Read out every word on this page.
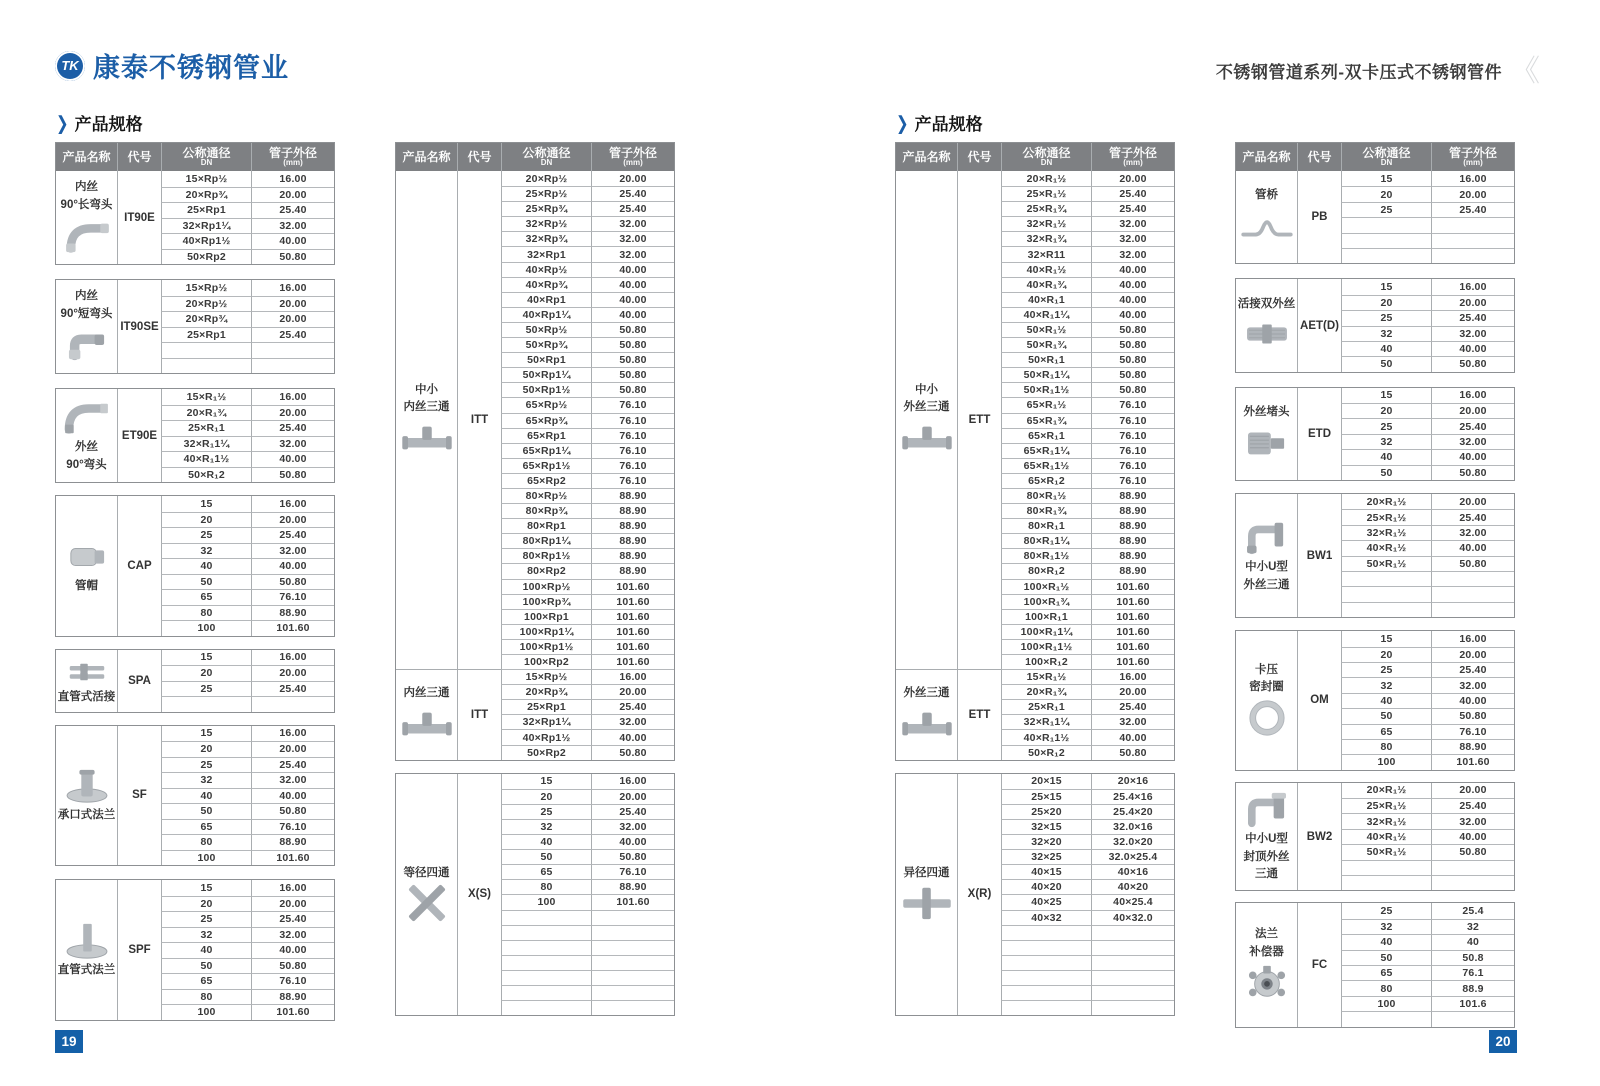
TK 康泰不锈钢管业	不锈钢管道系列-双卡压式不锈钢管件 《
❯ 产品规格	❯ 产品规格
产品名称 代号	公称通径
DN
管子外径
(mm)
内丝
90°长弯头
IT90E
15×Rp½	16.00
20×Rp¾	20.00
25×Rp1	25.40
32×Rp1¼	32.00
40×Rp1½	40.00
50×Rp2	50.80
内丝
90°短弯头
IT90SE
15×Rp½	16.00
20×Rp½	20.00
20×Rp¾	20.00
25×Rp1	25.40
外丝
90°弯头
ET90E
15×R₁½	16.00
20×R₁¾	20.00
25×R₁1	25.40
32×R₁1¼	32.00
40×R₁1½	40.00
50×R₁2	50.80
管帽
CAP
15	16.00
20	20.00
25	25.40
32	32.00
40	40.00
50	50.80
65	76.10
80	88.90
100	101.60
直管式活接
SPA
15	16.00
20	20.00
25	25.40
承口式法兰
SF
15	16.00
20	20.00
25	25.40
32	32.00
40	40.00
50	50.80
65	76.10
80	88.90
100	101.60
直管式法兰
SPF
15	16.00
20	20.00
25	25.40
32	32.00
40	40.00
50	50.80
65	76.10
80	88.90
100	101.60
产品名称 代号	公称通径
DN
管子外径
(mm)
中小
内丝三通
ITT
20×Rp½	20.00
25×Rp½	25.40
25×Rp¾	25.40
32×Rp½	32.00
32×Rp¾	32.00
32×Rp1	32.00
40×Rp½	40.00
40×Rp¾	40.00
40×Rp1	40.00
40×Rp1¼	40.00
50×Rp½	50.80
50×Rp¾	50.80
50×Rp1	50.80
50×Rp1¼	50.80
50×Rp1½	50.80
65×Rp½	76.10
65×Rp¾	76.10
65×Rp1	76.10
65×Rp1¼	76.10
65×Rp1½	76.10
65×Rp2	76.10
80×Rp½	88.90
80×Rp¾	88.90
80×Rp1	88.90
80×Rp1¼	88.90
80×Rp1½	88.90
80×Rp2	88.90
100×Rp½	101.60
100×Rp¾	101.60
100×Rp1	101.60
100×Rp1¼	101.60
100×Rp1½	101.60
100×Rp2	101.60
内丝三通
ITT
15×Rp½	16.00
20×Rp¾	20.00
25×Rp1	25.40
32×Rp1¼	32.00
40×Rp1½	40.00
50×Rp2	50.80
等径四通
X(S)
15	16.00
20	20.00
25	25.40
32	32.00
40	40.00
50	50.80
65	76.10
80	88.90
100	101.60
产品名称 代号	公称通径
DN
管子外径
(mm)
中小
外丝三通
ETT
20×R₁½	20.00
25×R₁½	25.40
25×R₁¾	25.40
32×R₁½	32.00
32×R₁¾	32.00
32×R11	32.00
40×R₁½	40.00
40×R₁¾	40.00
40×R₁1	40.00
40×R₁1¼	40.00
50×R₁½	50.80
50×R₁¾	50.80
50×R₁1	50.80
50×R₁1¼	50.80
50×R₁1½	50.80
65×R₁½	76.10
65×R₁¾	76.10
65×R₁1	76.10
65×R₁1¼	76.10
65×R₁1½	76.10
65×R₁2	76.10
80×R₁½	88.90
80×R₁¾	88.90
80×R₁1	88.90
80×R₁1¼	88.90
80×R₁1½	88.90
80×R₁2	88.90
100×R₁½	101.60
100×R₁¾	101.60
100×R₁1	101.60
100×R₁1¼	101.60
100×R₁1½	101.60
100×R₁2	101.60
外丝三通
ETT
15×R₁½	16.00
20×R₁¾	20.00
25×R₁1	25.40
32×R₁1¼	32.00
40×R₁1½	40.00
50×R₁2	50.80
异径四通
X(R)
20×15	20×16
25×15	25.4×16
25×20	25.4×20
32×15	32.0×16
32×20	32.0×20
32×25	32.0×25.4
40×15	40×16
40×20	40×20
40×25	40×25.4
40×32	40×32.0
产品名称 代号	公称通径
DN
管子外径
(mm)
管桥
PB
15	16.00
20	20.00
25	25.40
活接双外丝
AET(D)
15	16.00
20	20.00
25	25.40
32	32.00
40	40.00
50	50.80
外丝堵头
ETD
15	16.00
20	20.00
25	25.40
32	32.00
40	40.00
50	50.80
中小U型
外丝三通
BW1
20×R₁½	20.00
25×R₁½	25.40
32×R₁½	32.00
40×R₁½	40.00
50×R₁½	50.80
卡压
密封圈
OM
15	16.00
20	20.00
25	25.40
32	32.00
40	40.00
50	50.80
65	76.10
80	88.90
100	101.60
中小U型
封顶外丝
三通
BW2
20×R₁½	20.00
25×R₁½	25.40
32×R₁½	32.00
40×R₁½	40.00
50×R₁½	50.80
法兰
补偿器
FC
25	25.4
32	32
40	40
50	50.8
65	76.1
80	88.9
100	101.6
19	20
